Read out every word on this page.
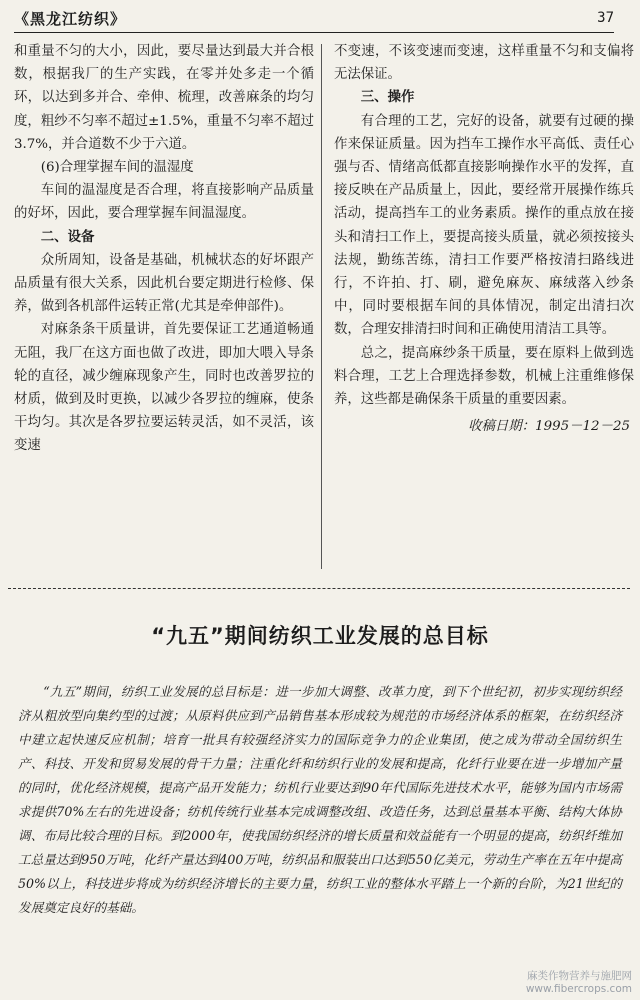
《黑龙江纺织》	37

和重量不匀的大小，因此，要尽量达到最大并合根数，根据我厂的生产实践，在零并处多走一个循环，以达到多并合、牵伸、梳理，改善麻条的均匀度，粗纱不匀率不超过±1.5%，重量不匀率不超过3.7%，并合道数不少于六道。

(6)合理掌握车间的温湿度

车间的温湿度是否合理，将直接影响产品质量的好坏，因此，要合理掌握车间温湿度。

二、设备

众所周知，设备是基础，机械状态的好坏跟产品质量有很大关系，因此机台要定期进行检修、保养，做到各机部件运转正常(尤其是牵伸部件)。

对麻条条干质量讲，首先要保证工艺通道畅通无阻，我厂在这方面也做了改进，即加大喂入导条轮的直径，减少缠麻现象产生，同时也改善罗拉的材质，做到及时更换，以减少各罗拉的缠麻，使条干均匀。其次是各罗拉要运转灵活，如不灵活，该变速

不变速，不该变速而变速，这样重量不匀和支偏将无法保证。

三、操作

有合理的工艺，完好的设备，就要有过硬的操作来保证质量。因为挡车工操作水平高低、责任心强与否、情绪高低都直接影响操作水平的发挥，直接反映在产品质量上，因此，要经常开展操作练兵活动，提高挡车工的业务素质。操作的重点放在接头和清扫工作上，要提高接头质量，就必须按接头法规，勤练苦练，清扫工作要严格按清扫路线进行，不许拍、打、刷，避免麻灰、麻绒落入纱条中，同时要根据车间的具体情况，制定出清扫次数，合理安排清扫时间和正确使用清洁工具等。

总之，提高麻纱条干质量，要在原料上做到选料合理，工艺上合理选择参数，机械上注重维修保养，这些都是确保条干质量的重要因素。

收稿日期：1995－12－25

“九五”期间纺织工业发展的总目标

“九五”期间，纺织工业发展的总目标是：进一步加大调整、改革力度，到下个世纪初，初步实现纺织经济从粗放型向集约型的过渡；从原料供应到产品销售基本形成较为规范的市场经济体系的框架，在纺织经济中建立起快速反应机制；培育一批具有较强经济实力的国际竞争力的企业集团，使之成为带动全国纺织生产、科技、开发和贸易发展的骨干力量；注重化纤和纺织行业的发展和提高，化纤行业要在进一步增加产量的同时，优化经济规模，提高产品开发能力；纺机行业要达到90年代国际先进技术水平，能够为国内市场需求提供70%左右的先进设备；纺机传统行业基本完成调整改组、改造任务，达到总量基本平衡、结构大体协调、布局比较合理的目标。到2000年，使我国纺织经济的增长质量和效益能有一个明显的提高，纺织纤维加工总量达到950万吨，化纤产量达到400万吨，纺织品和服装出口达到550亿美元，劳动生产率在五年中提高50%以上，科技进步将成为纺织经济增长的主要力量，纺织工业的整体水平踏上一个新的台阶，为21世纪的发展奠定良好的基础。

麻类作物营养与施肥网
www.fibercrops.com
